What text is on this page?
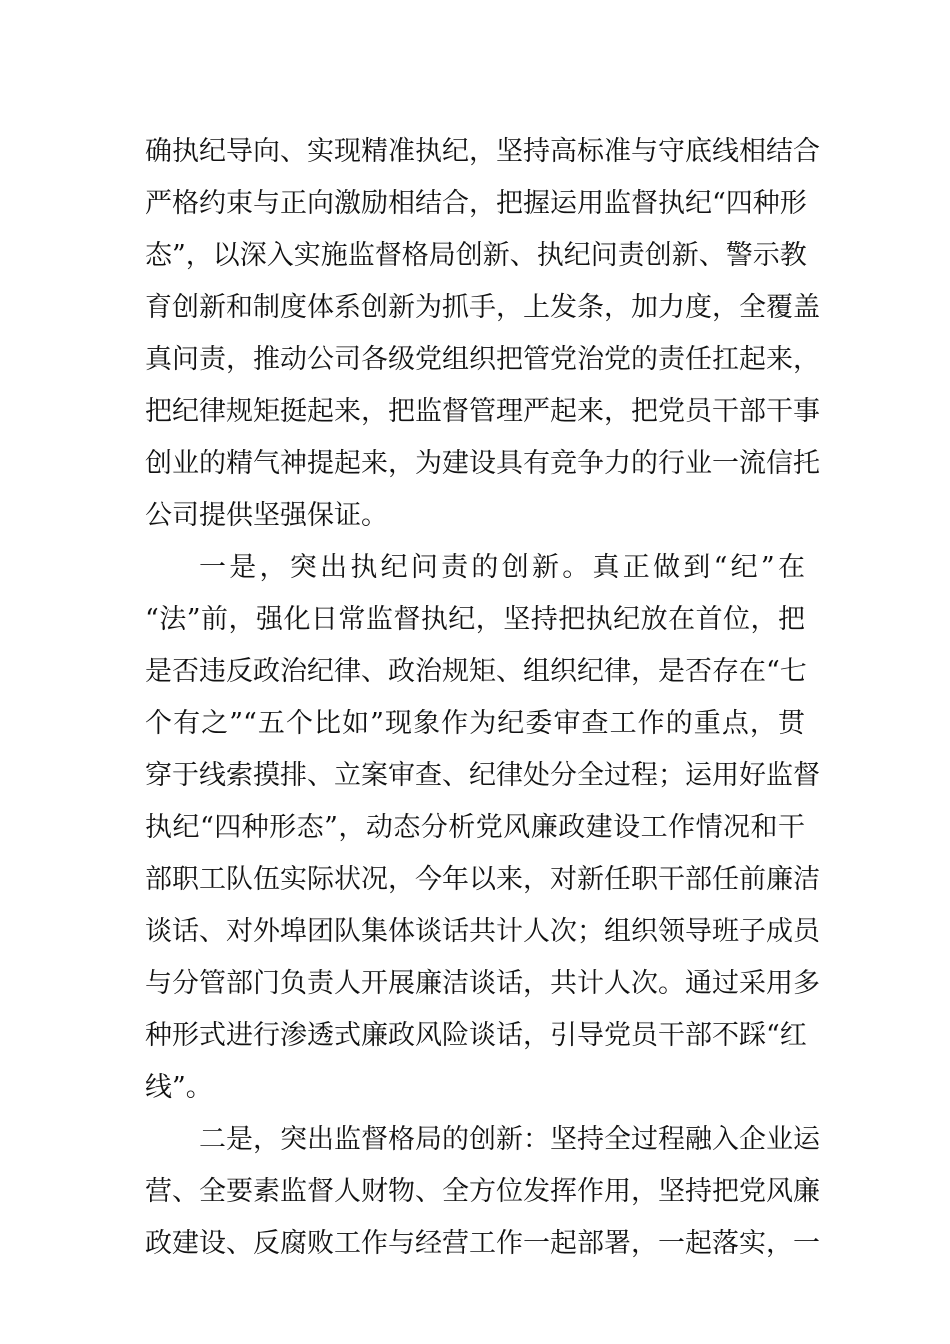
确执纪导向、实现精准执纪，坚持高标准与守底线相结合
严格约束与正向激励相结合，把握运用监督执纪“四种形
态”，以深入实施监督格局创新、执纪问责创新、警示教
育创新和制度体系创新为抓手，上发条，加力度，全覆盖
真问责，推动公司各级党组织把管党治党的责任扛起来，
把纪律规矩挺起来，把监督管理严起来，把党员干部干事
创业的精气神提起来，为建设具有竞争力的行业一流信托
公司提供坚强保证。
一是，突出执纪问责的创新。真正做到“纪”在
“法”前，强化日常监督执纪，坚持把执纪放在首位，把
是否违反政治纪律、政治规矩、组织纪律，是否存在“七
个有之”“五个比如”现象作为纪委审查工作的重点，贯
穿于线索摸排、立案审查、纪律处分全过程；运用好监督
执纪“四种形态”，动态分析党风廉政建设工作情况和干
部职工队伍实际状况，今年以来，对新任职干部任前廉洁
谈话、对外埠团队集体谈话共计人次；组织领导班子成员
与分管部门负责人开展廉洁谈话，共计人次。通过采用多
种形式进行渗透式廉政风险谈话，引导党员干部不踩“红
线”。
二是，突出监督格局的创新：坚持全过程融入企业运
营、全要素监督人财物、全方位发挥作用，坚持把党风廉
政建设、反腐败工作与经营工作一起部署，一起落实，一
